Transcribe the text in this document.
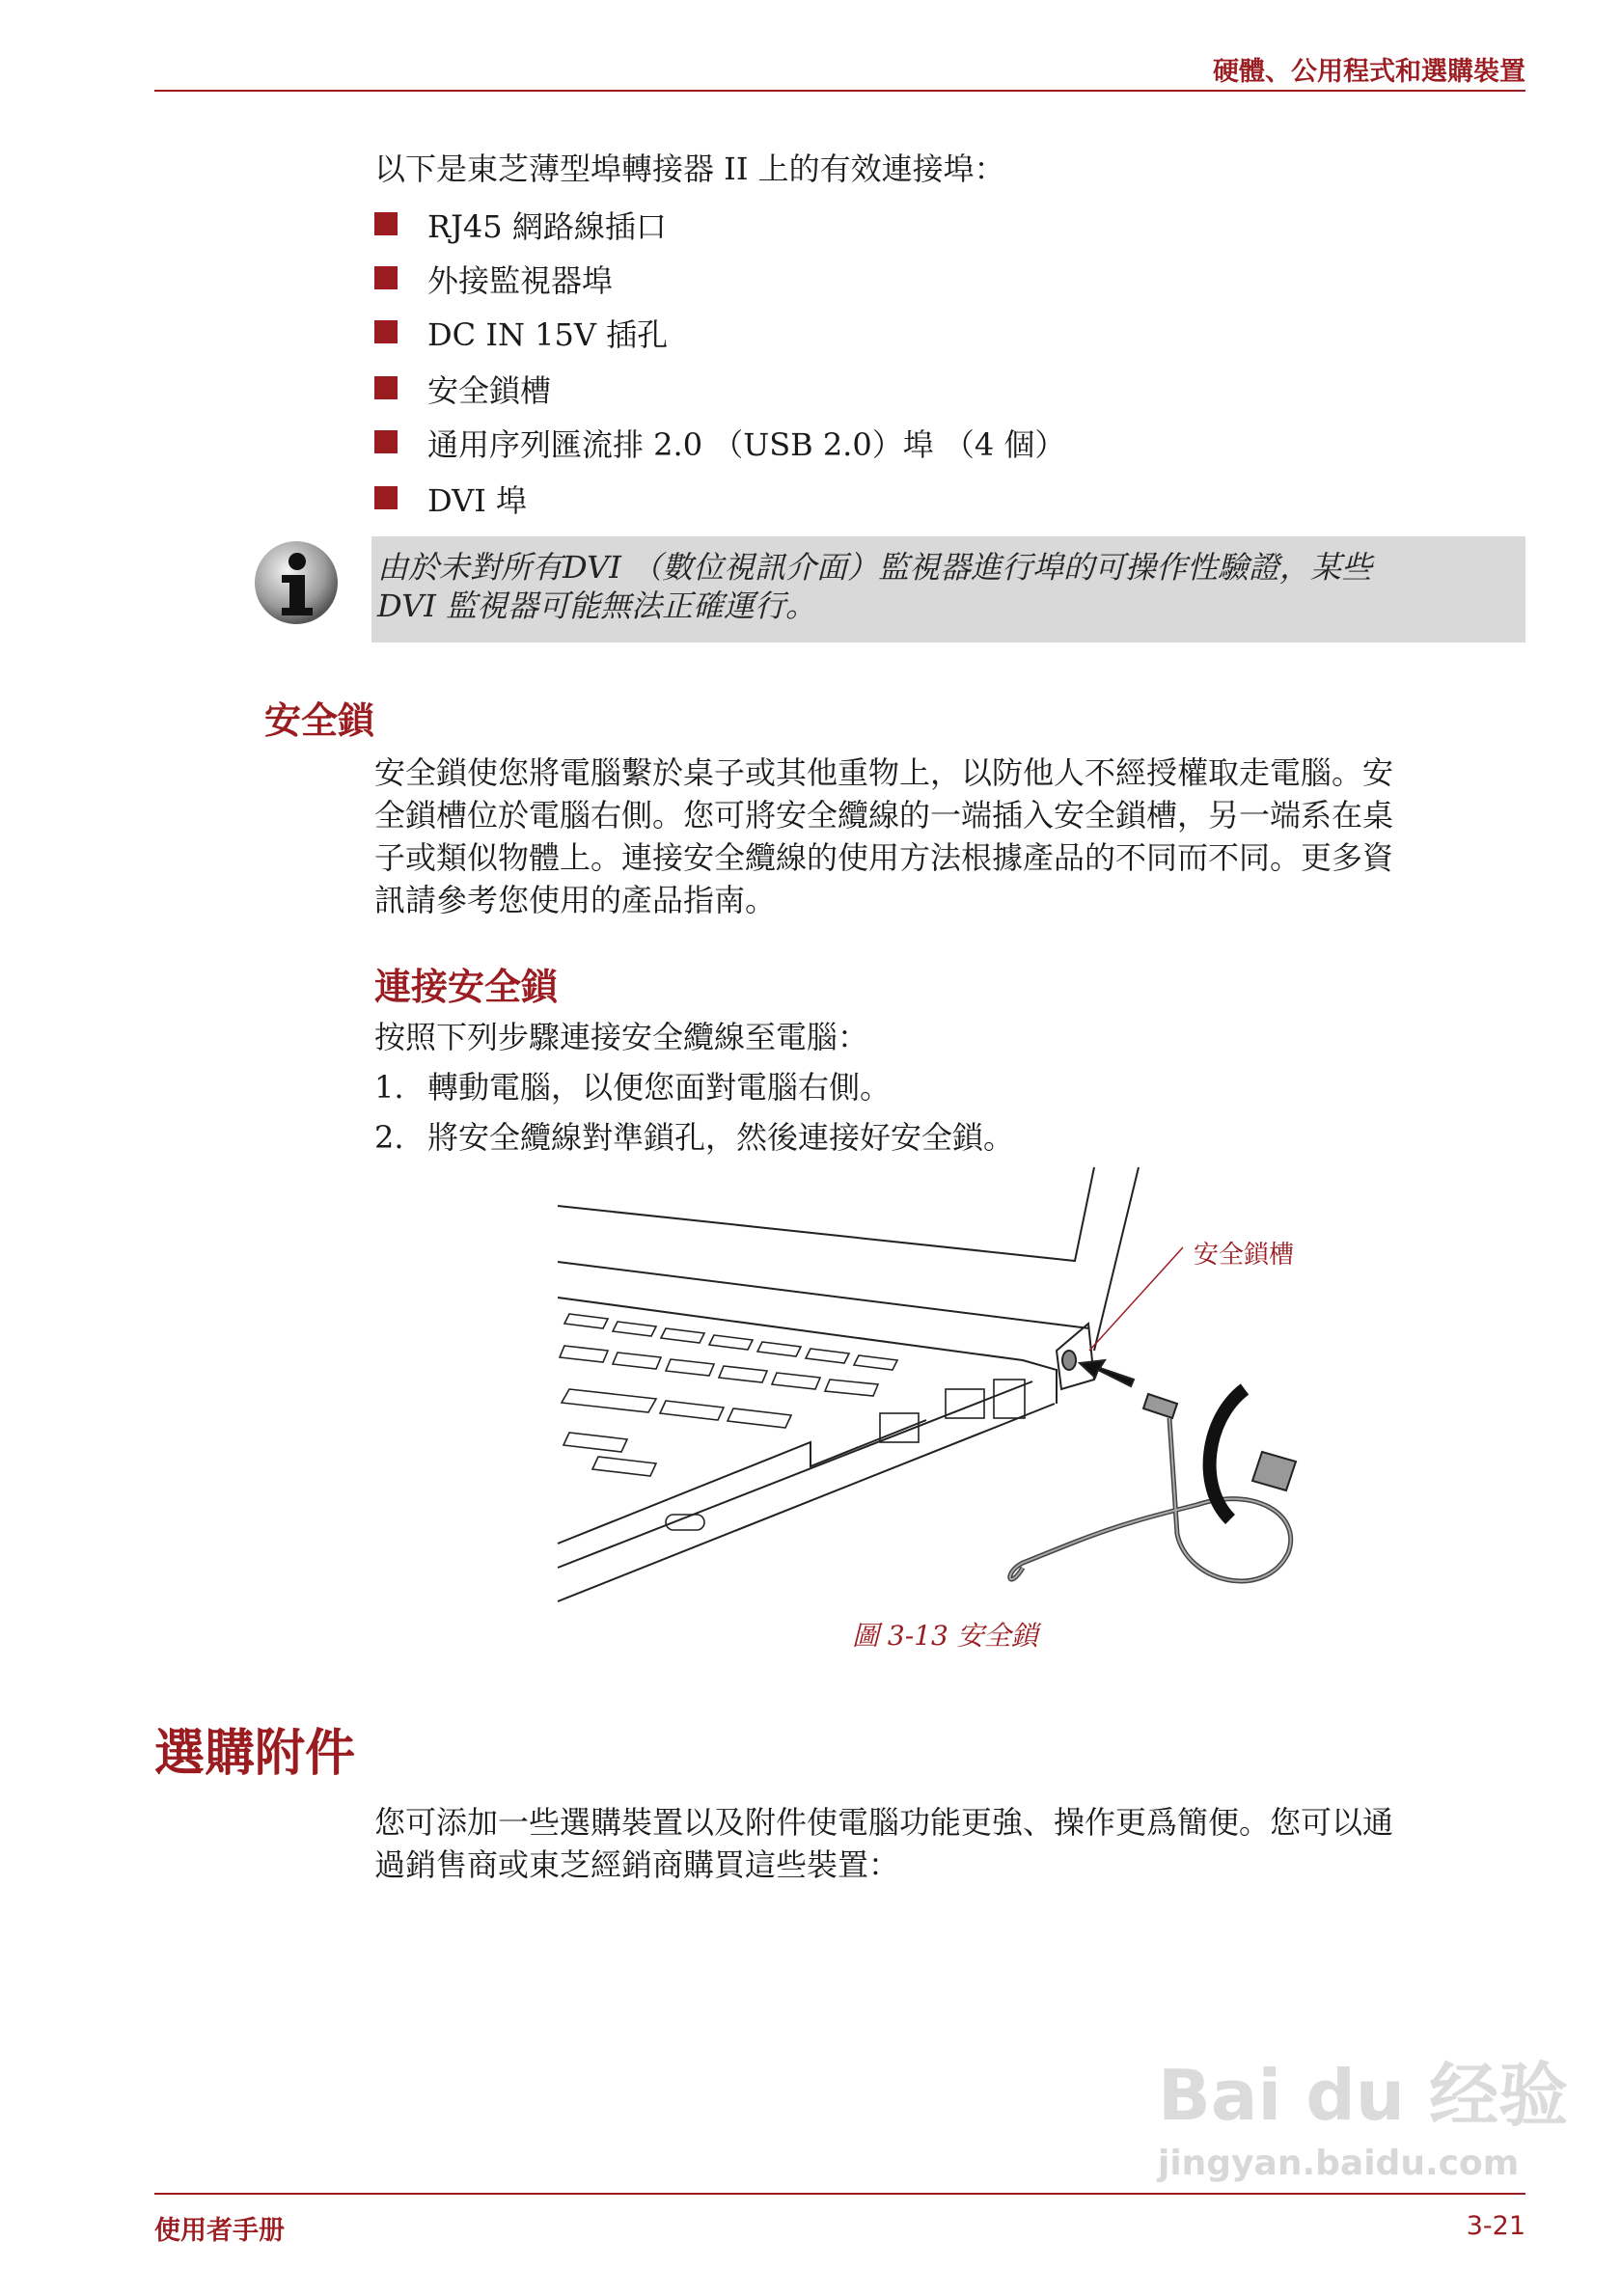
硬體、公用程式和選購裝置
以下是東芝薄型埠轉接器 II 上的有效連接埠：
RJ45 網路線插口
外接監視器埠
DC IN 15V 插孔
安全鎖槽
通用序列匯流排 2.0 （USB 2.0）埠 （4 個）
DVI 埠
由於未對所有DVI （數位視訊介面）監視器進行埠的可操作性驗證，某些
DVI 監視器可能無法正確運行。
安全鎖
安全鎖使您將電腦繫於桌子或其他重物上，以防他人不經授權取走電腦。安
全鎖槽位於電腦右側。您可將安全纜線的一端插入安全鎖槽，另一端系在桌
子或類似物體上。連接安全纜線的使用方法根據產品的不同而不同。更多資
訊請參考您使用的產品指南。
連接安全鎖
按照下列步驟連接安全纜線至電腦：
1. 轉動電腦，以便您面對電腦右側。
2. 將安全纜線對準鎖孔，然後連接好安全鎖。
安全鎖槽
圖 3-13 安全鎖
選購附件
您可添加一些選購裝置以及附件使電腦功能更強、操作更爲簡便。您可以通
過銷售商或東芝經銷商購買這些裝置：
Bai du 经验
jingyan.baidu.com
使用者手册	3-21
